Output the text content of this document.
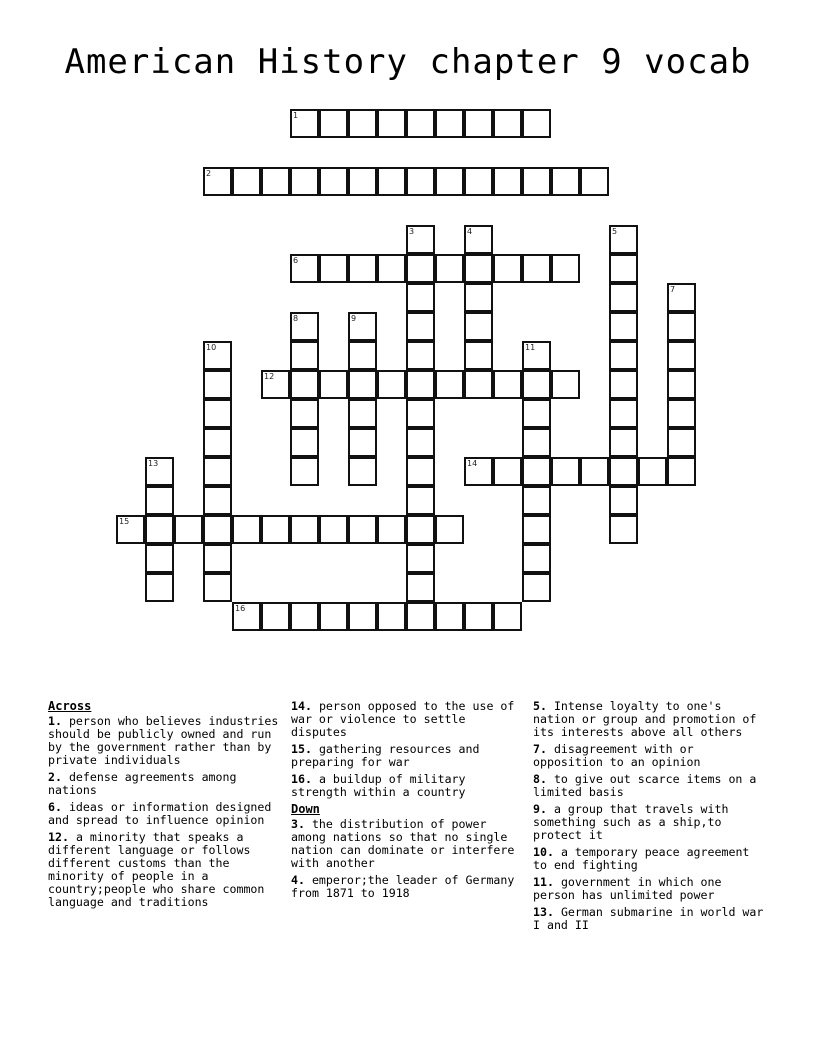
American History chapter 9 vocab
1
2
3	4	5
6
7
8	9
10	11
12
13	14
15
16
Across
1. person who believes industries should be publicly owned and run by the government rather than by private individuals
2. defense agreements among nations
6. ideas or information designed and spread to influence opinion
12. a minority that speaks a different language or follows different customs than the minority of people in a country;people who share common language and traditions
14. person opposed to the use of war or violence to settle disputes
15. gathering resources and preparing for war
16. a buildup of military strength within a country
Down
3. the distribution of power among nations so that no single nation can dominate or interfere with another
4. emperor;the leader of Germany from 1871 to 1918
5. Intense loyalty to one's nation or group and promotion of its interests above all others
7. disagreement with or opposition to an opinion
8. to give out scarce items on a limited basis
9. a group that travels with something such as a ship,to protect it
10. a temporary peace agreement to end fighting
11. government in which one person has unlimited power
13. German submarine in world war I and II
